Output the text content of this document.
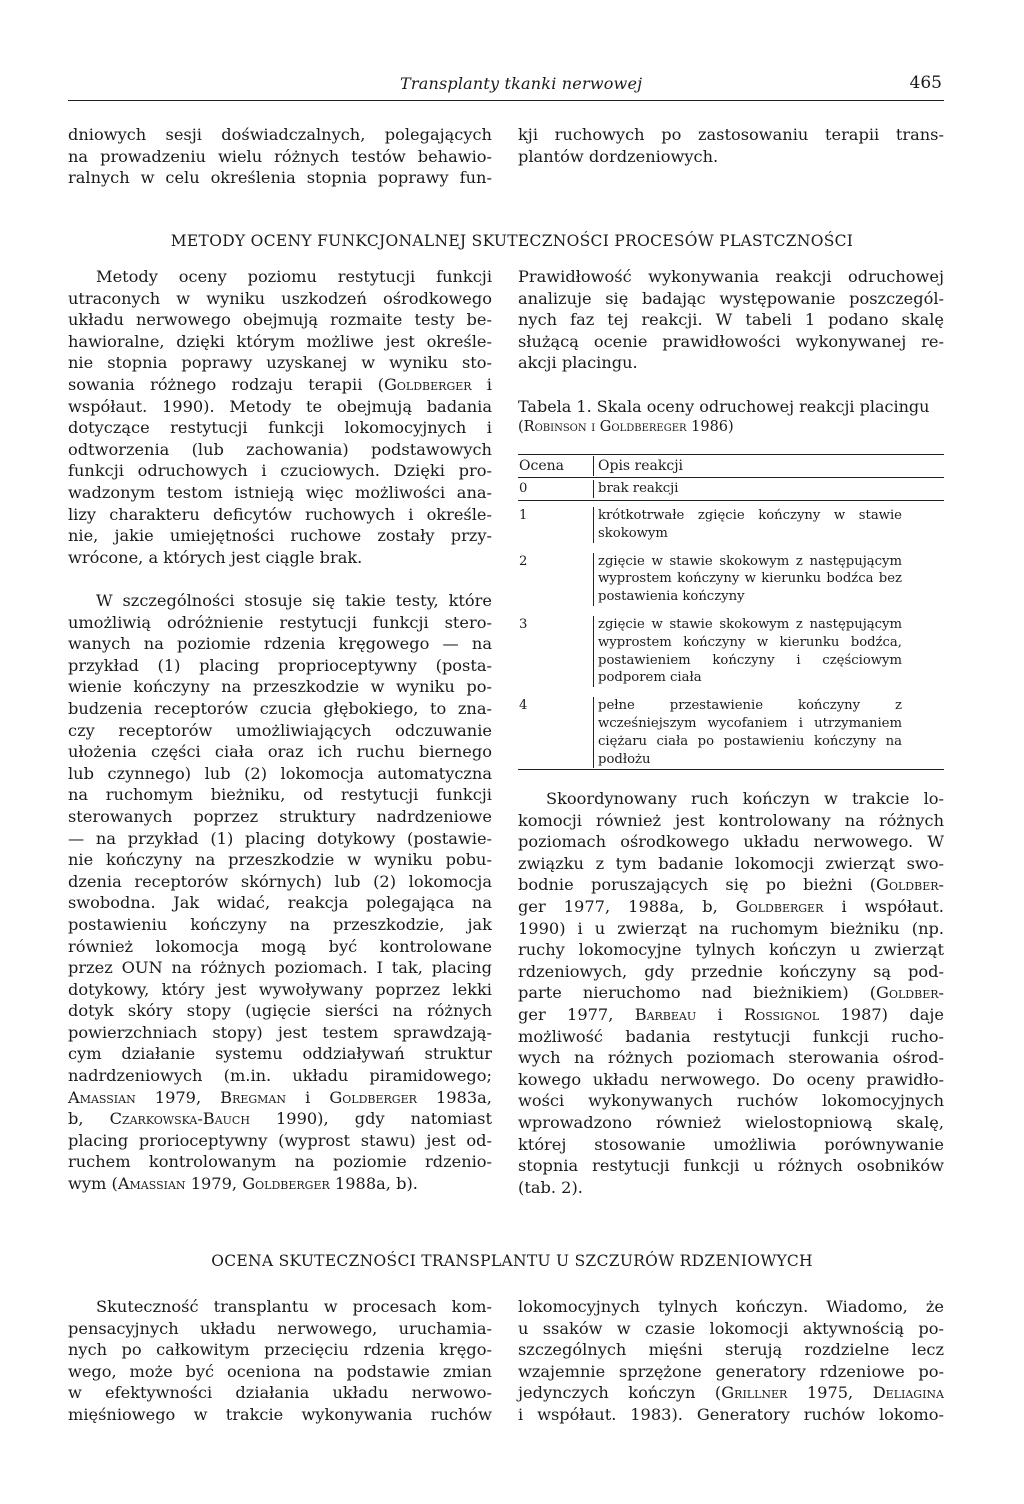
Transplanty tkanki nerwowej	465

dniowych sesji doświadczalnych, polegających

na prowadzeniu wielu różnych testów behawio-

ralnych w celu określenia stopnia poprawy fun-

kji ruchowych po zastosowaniu terapii trans-

plantów dordzeniowych.

METODY OCENY FUNKCJONALNEJ SKUTECZNOŚCI PROCESÓW PLASTCZNOŚCI

Metody oceny poziomu restytucji funkcji

utraconych w wyniku uszkodzeń ośrodkowego

układu nerwowego obejmują rozmaite testy be-

hawioralne, dzięki którym możliwe jest określe-

nie stopnia poprawy uzyskanej w wyniku sto-

sowania różnego rodzaju terapii (Goldberger i

współaut. 1990). Metody te obejmują badania

dotyczące restytucji funkcji lokomocyjnych i

odtworzenia (lub zachowania) podstawowych

funkcji odruchowych i czuciowych. Dzięki pro-

wadzonym testom istnieją więc możliwości ana-

lizy charakteru deficytów ruchowych i określe-

nie, jakie umiejętności ruchowe zostały przy-

wrócone, a których jest ciągle brak.

W szczególności stosuje się takie testy, które

umożliwią odróżnienie restytucji funkcji stero-

wanych na poziomie rdzenia kręgowego — na

przykład (1) placing proprioceptywny (posta-

wienie kończyny na przeszkodzie w wyniku po-

budzenia receptorów czucia głębokiego, to zna-

czy receptorów umożliwiających odczuwanie

ułożenia części ciała oraz ich ruchu biernego

lub czynnego) lub (2) lokomocja automatyczna

na ruchomym bieżniku, od restytucji funkcji

sterowanych poprzez struktury nadrdzeniowe

— na przykład (1) placing dotykowy (postawie-

nie kończyny na przeszkodzie w wyniku pobu-

dzenia receptorów skórnych) lub (2) lokomocja

swobodna. Jak widać, reakcja polegająca na

postawieniu kończyny na przeszkodzie, jak

również lokomocja mogą być kontrolowane

przez OUN na różnych poziomach. I tak, placing

dotykowy, który jest wywoływany poprzez lekki

dotyk skóry stopy (ugięcie sierści na różnych

powierzchniach stopy) jest testem sprawdzają-

cym działanie systemu oddziaływań struktur

nadrdzeniowych (m.in. układu piramidowego;

Amassian 1979, Bregman i Goldberger 1983a,

b, Czarkowska-Bauch 1990), gdy natomiast

placing prorioceptywny (wyprost stawu) jest od-

ruchem kontrolowanym na poziomie rdzenio-

wym (Amassian 1979, Goldberger 1988a, b).

Prawidłowość wykonywania reakcji odruchowej

analizuje się badając występowanie poszczegól-

nych faz tej reakcji. W tabeli 1 podano skalę

służącą ocenie prawidłowości wykonywanej re-

akcji placingu.

Tabela 1. Skala oceny odruchowej reakcji placingu
(Robinson i Goldbereger 1986)
Ocena	Opis reakcji
0	brak reakcji
1	krótkotrwałe zgięcie kończyny w stawie skokowym
2	zgięcie w stawie skokowym z następującym wyprostem kończyny w kierunku bodźca bez postawienia kończyny
3	zgięcie w stawie skokowym z następującym wyprostem kończyny w kierunku bodźca, postawieniem kończyny i częściowym podporem ciała
4	pełne przestawienie kończyny z wcześniejszym wycofaniem i utrzymaniem ciężaru ciała po postawieniu kończyny na podłożu

Skoordynowany ruch kończyn w trakcie lo-

komocji również jest kontrolowany na różnych

poziomach ośrodkowego układu nerwowego. W

związku z tym badanie lokomocji zwierząt swo-

bodnie poruszających się po bieżni (Goldber-

ger 1977, 1988a, b, Goldberger i współaut.

1990) i u zwierząt na ruchomym bieżniku (np.

ruchy lokomocyjne tylnych kończyn u zwierząt

rdzeniowych, gdy przednie kończyny są pod-

parte nieruchomo nad bieżnikiem) (Goldber-

ger 1977, Barbeau i Rossignol 1987) daje

możliwość badania restytucji funkcji rucho-

wych na różnych poziomach sterowania ośrod-

kowego układu nerwowego. Do oceny prawidło-

wości wykonywanych ruchów lokomocyjnych

wprowadzono również wielostopniową skalę,

której stosowanie umożliwia porównywanie

stopnia restytucji funkcji u różnych osobników

(tab. 2).

OCENA SKUTECZNOŚCI TRANSPLANTU U SZCZURÓW RDZENIOWYCH

Skuteczność transplantu w procesach kom-

pensacyjnych układu nerwowego, uruchamia-

nych po całkowitym przecięciu rdzenia kręgo-

wego, może być oceniona na podstawie zmian

w efektywności działania układu nerwowo-

mięśniowego w trakcie wykonywania ruchów

lokomocyjnych tylnych kończyn. Wiadomo, że

u ssaków w czasie lokomocji aktywnością po-

szczególnych mięśni sterują rozdzielne lecz

wzajemnie sprzężone generatory rdzeniowe po-

jedynczych kończyn (Grillner 1975, Deliagina

i współaut. 1983). Generatory ruchów lokomo-
